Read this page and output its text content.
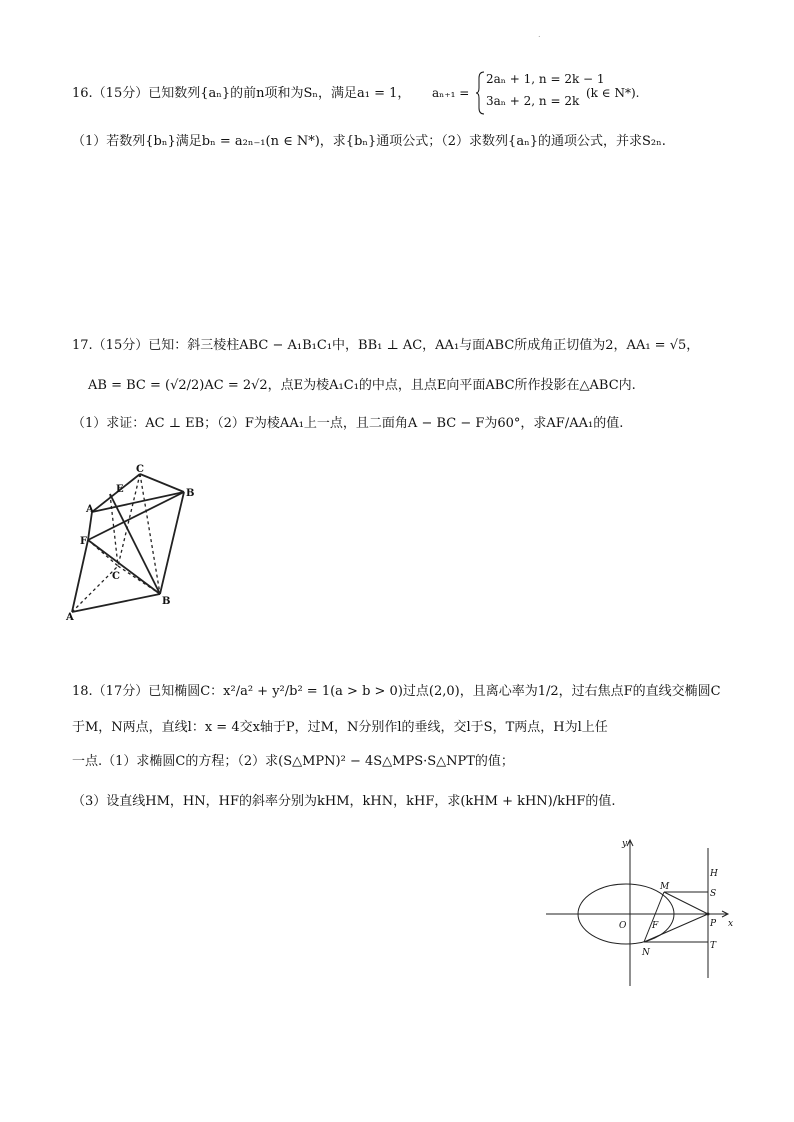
.
16.（15分）已知数列{aₙ}的前n项和为Sₙ，满足a₁ = 1， aₙ₊₁ =
2aₙ + 1, n = 2k − 1
3aₙ + 2, n = 2k
(k ∈ N*).
（1）若数列{bₙ}满足bₙ = a₂ₙ₋₁(n ∈ N*)，求{bₙ}通项公式；（2）求数列{aₙ}的通项公式，并求S₂ₙ.
17.（15分）已知：斜三棱柱ABC − A₁B₁C₁中，BB₁ ⊥ AC，AA₁与面ABC所成角正切值为2，AA₁ = √5，
AB = BC = (√2/2)AC = 2√2，点E为棱A₁C₁的中点，且点E向平面ABC所作投影在△ABC内.
（1）求证：AC ⊥ EB；（2）F为棱AA₁上一点，且二面角A − BC − F为60°，求AF/AA₁的值.
C
E
A
B
F
C
A
B
18.（17分）已知椭圆C：x²/a² + y²/b² = 1(a > b > 0)过点(2,0)，且离心率为1/2，过右焦点F的直线交椭圆C
于M，N两点，直线l：x = 4交x轴于P，过M，N分别作l的垂线，交l于S，T两点，H为l上任
一点.（1）求椭圆C的方程；（2）求(S△MPN)² − 4S△MPS·S△NPT的值；
（3）设直线HM，HN，HF的斜率分别为kHM，kHN，kHF，求(kHM + kHN)/kHF的值.
y
x
O	F
M
N
H
S
P
T
